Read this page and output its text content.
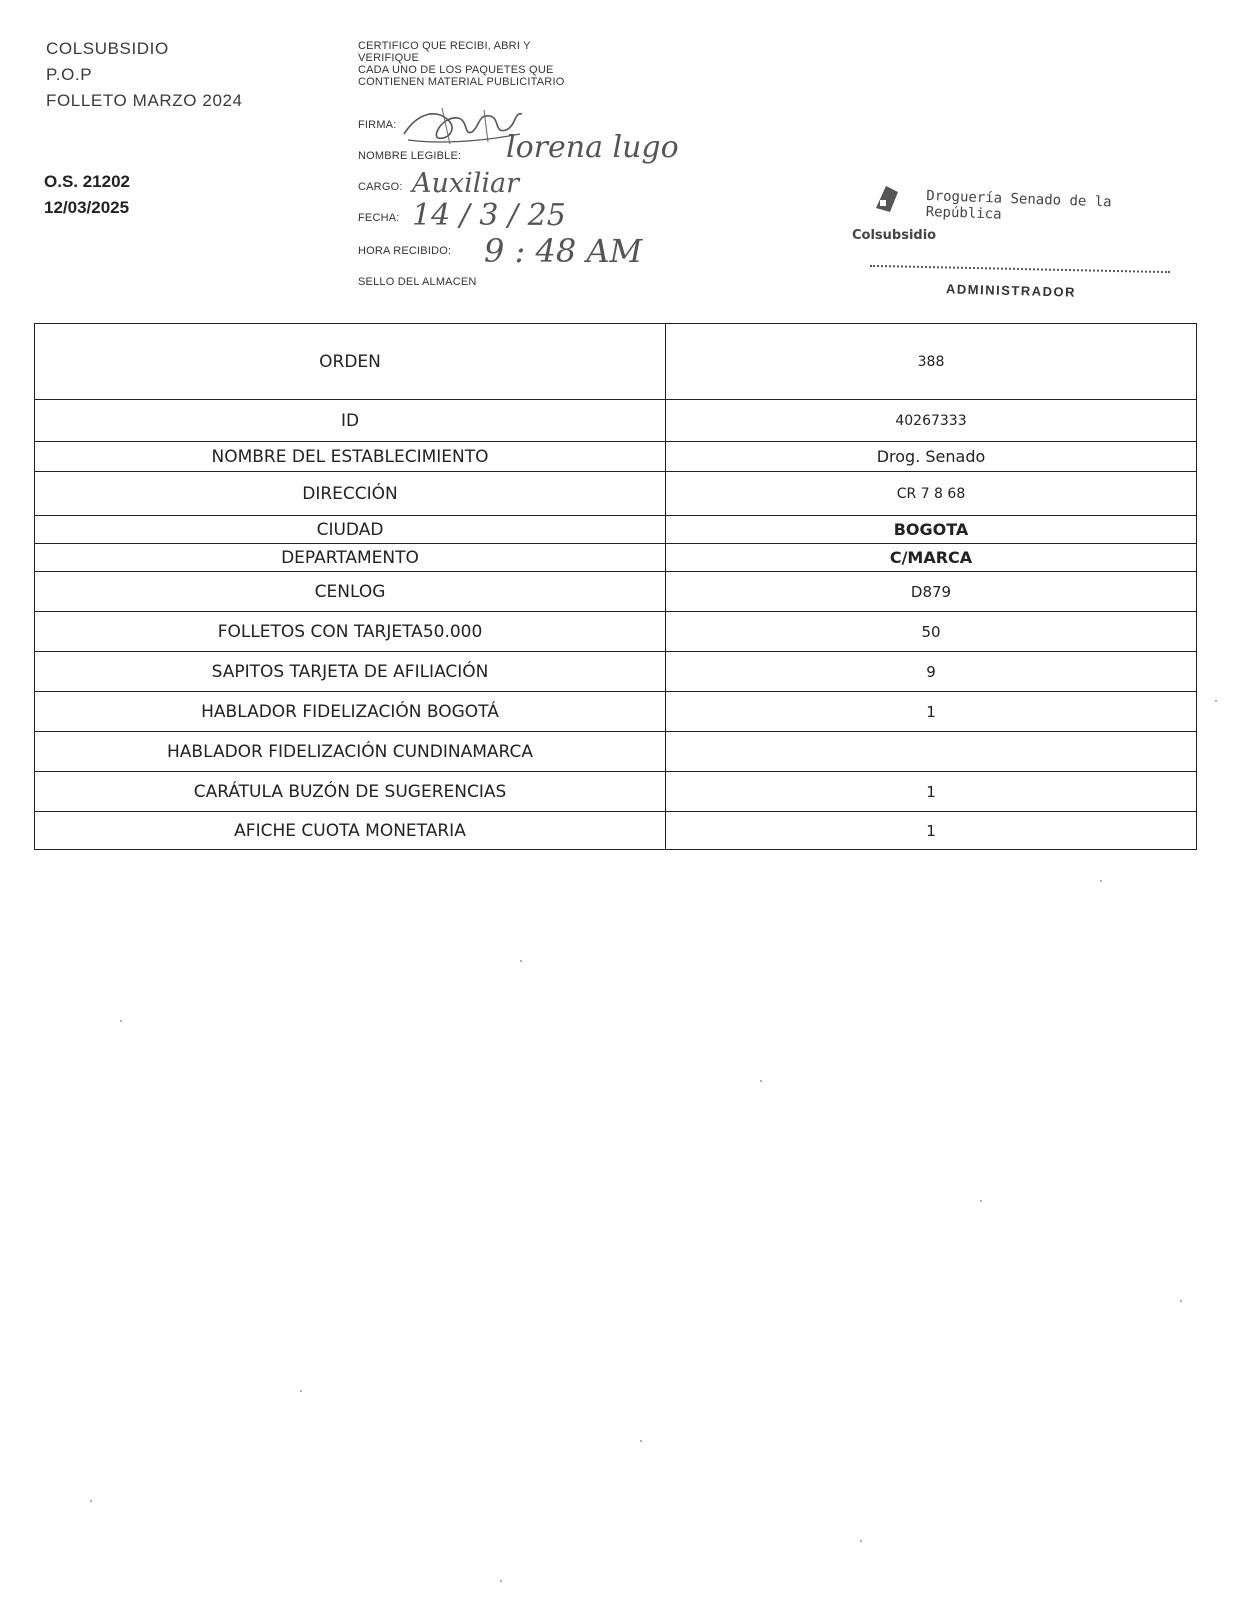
COLSUBSIDIO
P.O.P
FOLLETO MARZO 2024
O.S. 21202
12/03/2025
CERTIFICO QUE RECIBI, ABRI Y
VERIFIQUE
CADA UNO DE LOS PAQUETES QUE
CONTIENEN MATERIAL PUBLICITARIO
FIRMA:
NOMBRE LEGIBLE: lorena lugo
CARGO: Auxiliar
FECHA: 14 / 3 / 25
HORA RECIBIDO: 9 : 48 AM
SELLO DEL ALMACEN
Droguería Senado de la República
Colsubsidio
ADMINISTRADOR
ORDEN	388
ID	40267333
NOMBRE DEL ESTABLECIMIENTO	Drog. Senado
DIRECCIÓN	CR 7 8 68
CIUDAD	BOGOTA
DEPARTAMENTO	C/MARCA
CENLOG	D879
FOLLETOS CON TARJETA50.000	50
SAPITOS TARJETA DE AFILIACIÓN	9
HABLADOR FIDELIZACIÓN BOGOTÁ	1
HABLADOR FIDELIZACIÓN CUNDINAMARCA	
CARÁTULA BUZÓN DE SUGERENCIAS	1
AFICHE CUOTA MONETARIA	1
